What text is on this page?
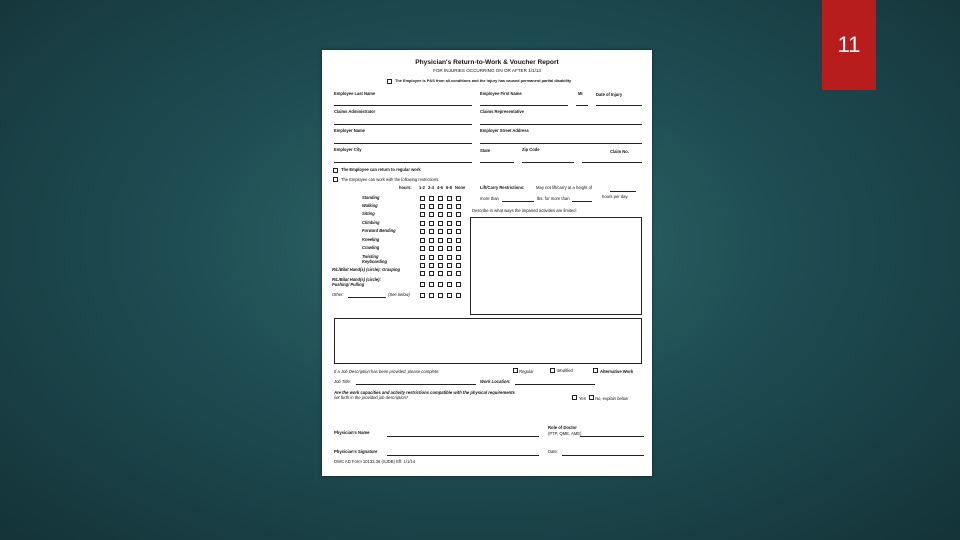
11
Physician's Return-to-Work & Voucher Report
FOR INJURIES OCCURRING ON OR AFTER 1/1/13
The Employee is P&S from all conditions and the injury has caused permanent partial disability
Employee Last Name	Employee First Name	MI	Date of Injury
Claims Administrator	Claims Representative
Employer Name	Employer Street Address
Employer City	State	Zip Code	Claim No.
The Employee can return to regular work
The Employee can work with the following restrictions:
hours: 1-2 2-4 4-6 6-8 None
Standing
Walking
Sitting
Climbing
Forward Bending
Kneeling
Crawling
Twisting
Keyboarding
R/L/Bilat Hand(s) (circle): Grasping
R/L/Bilat Hand(s) (circle): Pushing/ Pulling
Other:	(See below)
Lift/Carry Restrictions:	May not lift/carry at a height of
more than	lbs. for more than	hours per day.
Describe in what ways the impaired activities are limited:
If a Job Description has been provided, please complete:	Regular	Modified	Alternative Work
Job Title:	Work Location:
Are the work capacities and activity restrictions compatible with the physical requirements
set forth in the provided job description?	Yes No, explain below
Physician's Name
Role of Doctor
(PTP, QME, AME)
Physician's Signature	Date:
DWC AD Form 10133.36 (SJDB) Eff. 1/1/14
